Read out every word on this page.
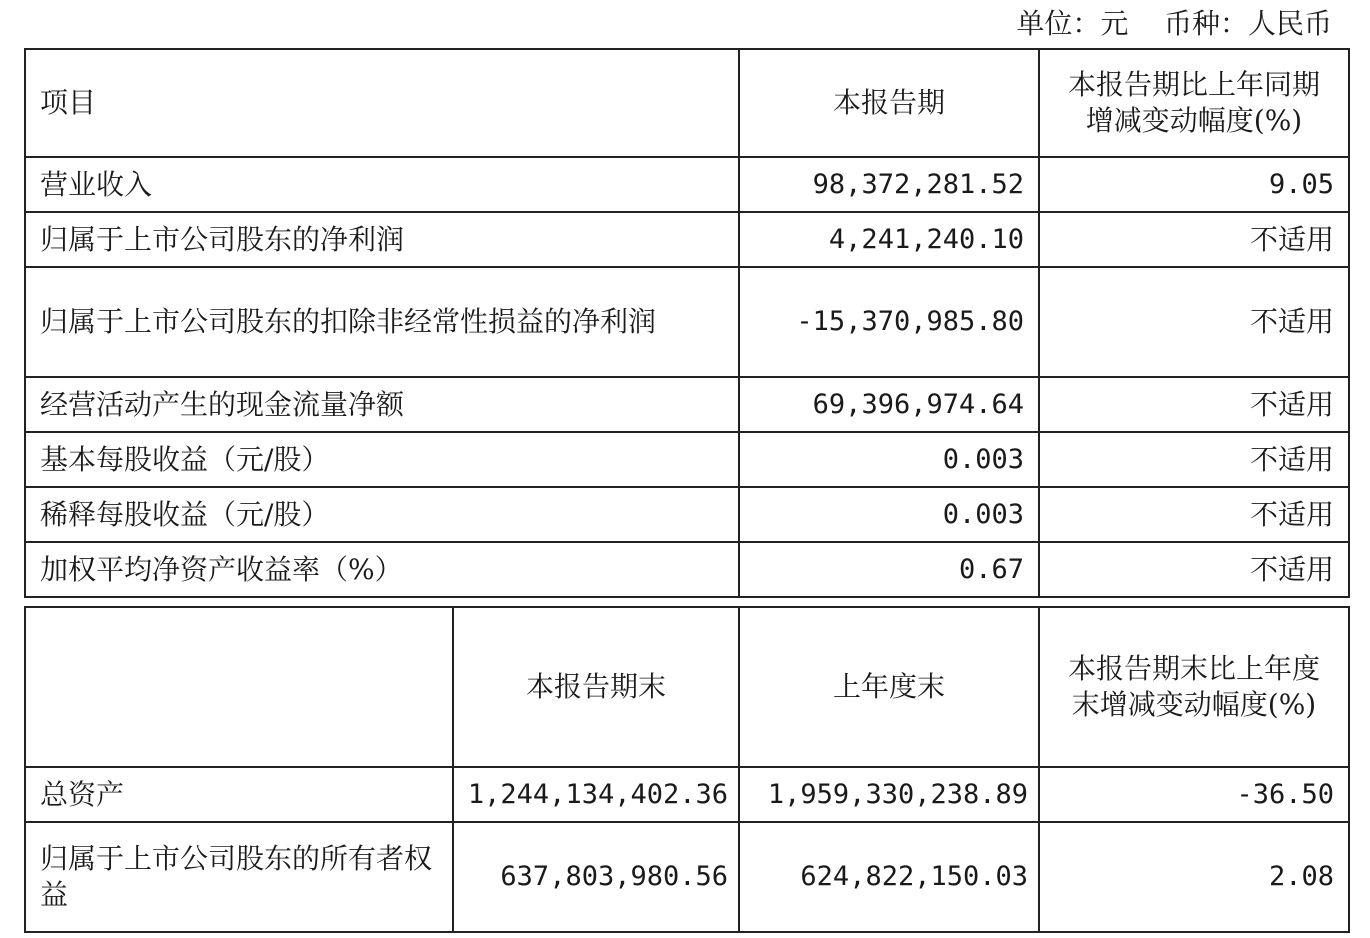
单位：元    币种：人民币
项目	本报告期	本报告期比上年同期增减变动幅度(%)
营业收入	98,372,281.52	9.05
归属于上市公司股东的净利润	4,241,240.10	不适用
归属于上市公司股东的扣除非经常性损益的净利润	-15,370,985.80	不适用
经营活动产生的现金流量净额	69,396,974.64	不适用
基本每股收益（元/股）	0.003	不适用
稀释每股收益（元/股）	0.003	不适用
加权平均净资产收益率（%）	0.67	不适用
	本报告期末	上年度末	本报告期末比上年度末增减变动幅度(%)
总资产	1,244,134,402.36	1,959,330,238.89	-36.50
归属于上市公司股东的所有者权益	637,803,980.56	624,822,150.03	2.08
